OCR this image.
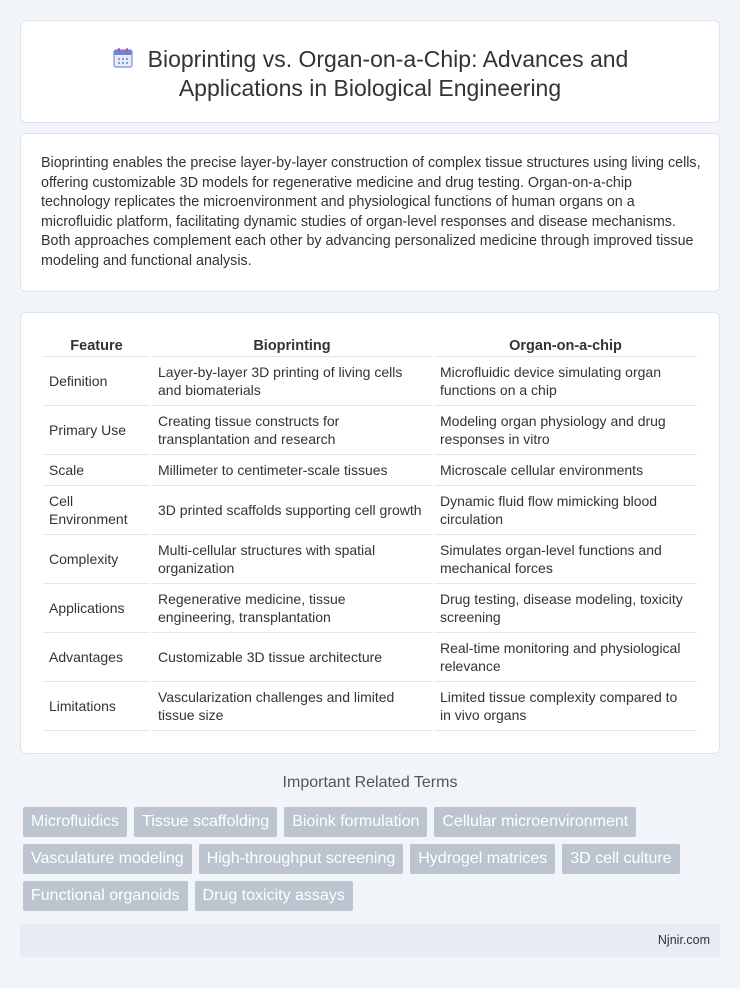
Bioprinting vs. Organ-on-a-Chip: Advances and
Applications in Biological Engineering

Bioprinting enables the precise layer-by-layer construction of complex tissue structures using living cells, offering customizable 3D models for regenerative medicine and drug testing. Organ-on-a-chip technology replicates the microenvironment and physiological functions of human organs on a microfluidic platform, facilitating dynamic studies of organ-level responses and disease mechanisms. Both approaches complement each other by advancing personalized medicine through improved tissue modeling and functional analysis.

Feature	Bioprinting	Organ-on-a-chip
Definition	Layer-by-layer 3D printing of living cells and biomaterials	Microfluidic device simulating organ functions on a chip
Primary Use	Creating tissue constructs for transplantation and research	Modeling organ physiology and drug responses in vitro
Scale	Millimeter to centimeter-scale tissues	Microscale cellular environments
Cell Environment	3D printed scaffolds supporting cell growth	Dynamic fluid flow mimicking blood circulation
Complexity	Multi-cellular structures with spatial organization	Simulates organ-level functions and mechanical forces
Applications	Regenerative medicine, tissue engineering, transplantation	Drug testing, disease modeling, toxicity screening
Advantages	Customizable 3D tissue architecture	Real-time monitoring and physiological relevance
Limitations	Vascularization challenges and limited tissue size	Limited tissue complexity compared to in vivo organs
Important Related Terms
Microfluidics	Tissue scaffolding	Bioink formulation	Cellular microenvironment
Vasculature modeling	High-throughput screening	Hydrogel matrices	3D cell culture
Functional organoids	Drug toxicity assays
Njnir.com
